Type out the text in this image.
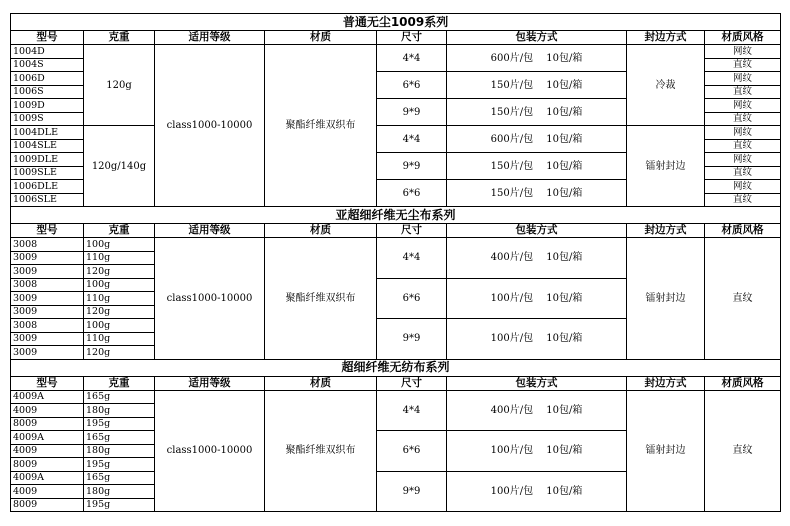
普通无尘1009系列							
型号	克重	适用等级	材质	尺寸	包装方式	封边方式	材质风格
1004D	120g	class1000-10000	聚酯纤维双织布	4*4	600片/包　 10包/箱	冷裁	网纹
1004S							直纹
1006D				6*6	150片/包　 10包/箱		网纹
1006S							直纹
1009D				9*9	150片/包　 10包/箱		网纹
1009S							直纹
1004DLE	120g/140g			4*4	600片/包　 10包/箱	镭射封边	网纹
1004SLE							直纹
1009DLE				9*9	150片/包　 10包/箱		网纹
1009SLE							直纹
1006DLE				6*6	150片/包　 10包/箱		网纹
1006SLE							直纹
亚超细纤维无尘布系列							
型号	克重	适用等级	材质	尺寸	包装方式	封边方式	材质风格
3008	100g	class1000-10000	聚酯纤维双织布	4*4	400片/包　 10包/箱	镭射封边	直纹
3009	110g						
3009	120g						
3008	100g			6*6	100片/包　 10包/箱		
3009	110g						
3009	120g						
3008	100g			9*9	100片/包　 10包/箱		
3009	110g						
3009	120g						
超细纤维无纺布系列							
型号	克重	适用等级	材质	尺寸	包装方式	封边方式	材质风格
4009A	165g	class1000-10000	聚酯纤维双织布	4*4	400片/包　 10包/箱	镭射封边	直纹
4009	180g						
8009	195g						
4009A	165g			6*6	100片/包　 10包/箱		
4009	180g						
8009	195g						
4009A	165g			9*9	100片/包　 10包/箱		
4009	180g						
8009	195g						
